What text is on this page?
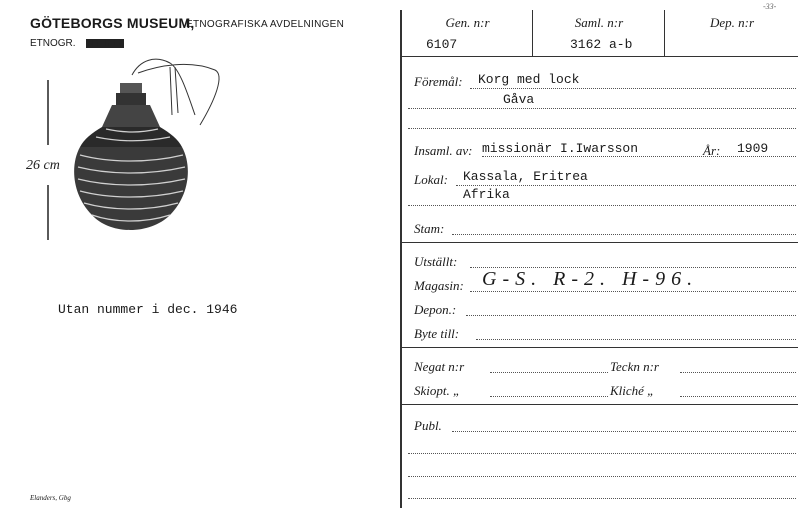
GÖTEBORGS MUSEUM,
ETNOGRAFISKA AVDELNINGEN
ETNOGR. NRERRR
26 cm
Utan nummer i dec. 1946
Elanders, Gbg
-33-
Gen. n:r	Saml. n:r	Dep. n:r
6107	3162 a-b
Föremål: Korg med lock
Gåva
Insaml. av: missionär I.Iwarsson	År: 1909
Lokal: Kassala, Eritrea
Afrika
Stam:
Utställt:
Magasin: G-S. R-2. H-96.
Depon.:
Byte till:
Negat n:r	Teckn n:r
Skiopt. „	Kliché „
Publ.
